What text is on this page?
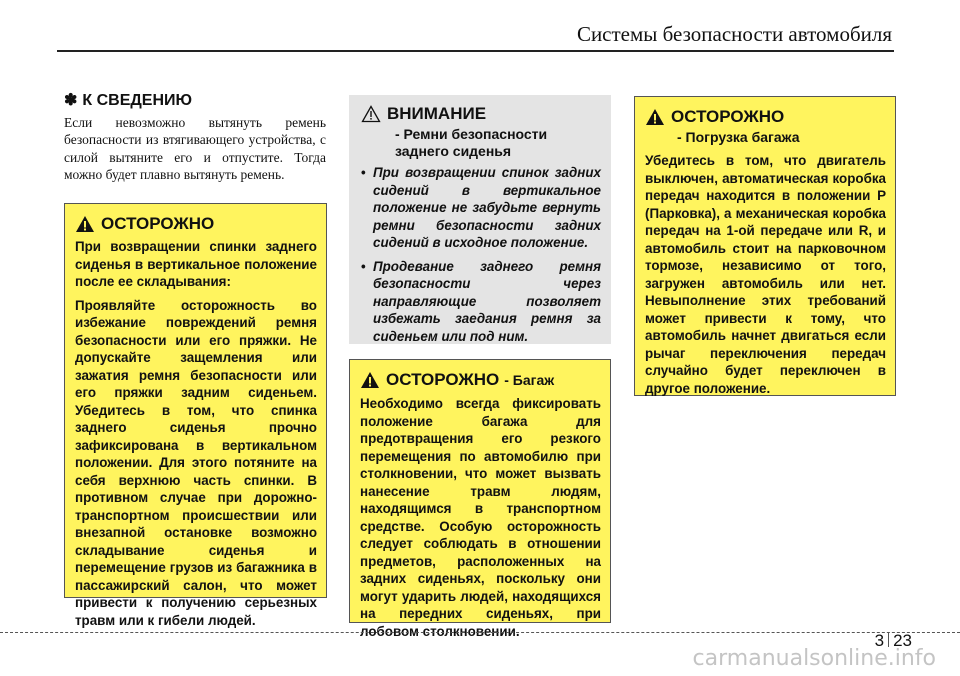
Системы безопасности автомобиля
✽ К СВЕДЕНИЮ

Если невозможно вытянуть ремень безопасности из втягивающего устройства, с силой вытяните его и отпустите. Тогда можно будет плавно вытянуть ремень.

ОСТОРОЖНО

При возвращении спинки заднего сиденья в вертикальное положение после ее складывания:

Проявляйте осторожность во избежание повреждений ремня безопасности или его пряжки. Не допускайте защемления или зажатия ремня безопасности или его пряжки задним сиденьем. Убедитесь в том, что спинка заднего сиденья прочно зафиксирована в вертикальном положении. Для этого потяните на себя верхнюю часть спинки. В противном случае при дорожно-транспортном происшествии или внезапной остановке возможно складывание сиденья и перемещение грузов из багажника в пассажирский салон, что может привести к получению серьезных травм или к гибели людей.

ВНИМАНИЕ
- Ремни безопасности заднего сиденья
• При возвращении спинок задних сидений в вертикальное положение не забудьте вернуть ремни безопасности задних сидений в исходное положение.
• Продевание заднего ремня безопасности через направляющие позволяет избежать заедания ремня за сиденьем или под ним.
ОСТОРОЖНО - Багаж

Необходимо всегда фиксировать положение багажа для предотвращения его резкого перемещения по автомобилю при столкновении, что может вызвать нанесение травм людям, находящимся в транспортном средстве. Особую осторожность следует соблюдать в отношении предметов, расположенных на задних сиденьях, поскольку они могут ударить людей, находящихся на передних сиденьях, при лобовом столкновении.

ОСТОРОЖНО
- Погрузка багажа

Убедитесь в том, что двигатель выключен, автоматическая коробка передач находится в положении P (Парковка), а механическая коробка передач на 1-ой передаче или R, и автомобиль стоит на парковочном тормозе, независимо от того, загружен автомобиль или нет. Невыполнение этих требований может привести к тому, что автомобиль начнет двигаться если рычаг переключения передач случайно будет переключен в другое положение.

3 23
carmanualsonline.info
